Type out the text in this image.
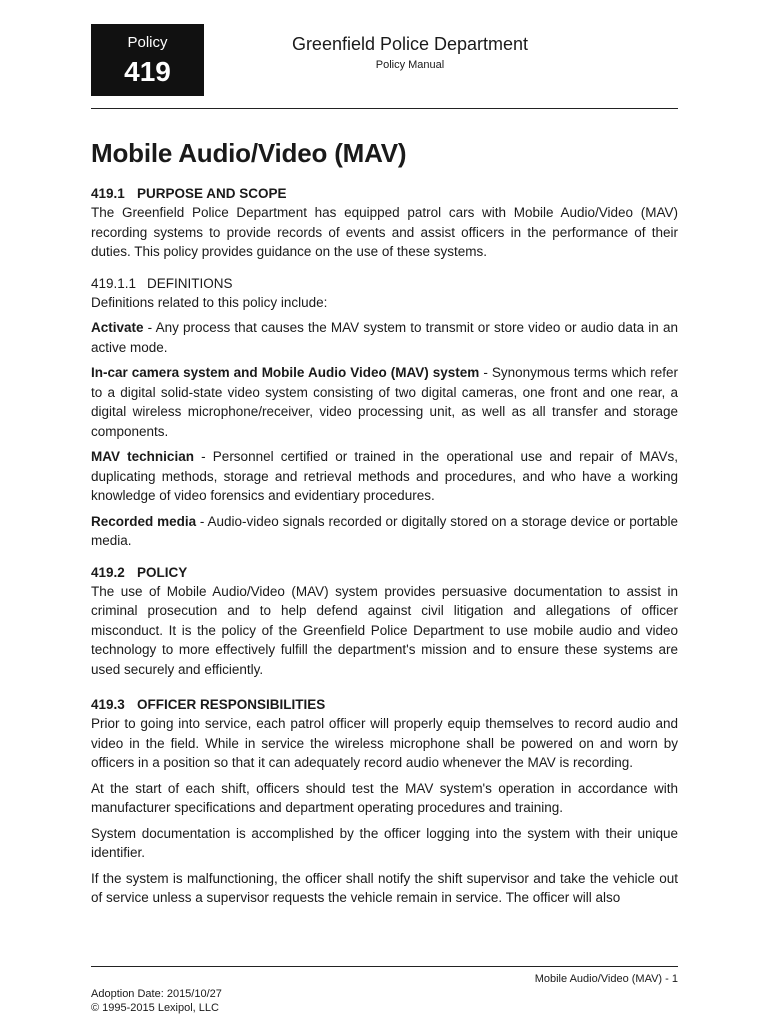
Policy
419
Greenfield Police Department
Policy Manual
Mobile Audio/Video (MAV)
419.1 PURPOSE AND SCOPE

The Greenfield Police Department has equipped patrol cars with Mobile Audio/Video (MAV) recording systems to provide records of events and assist officers in the performance of their duties. This policy provides guidance on the use of these systems.

419.1.1 DEFINITIONS

Definitions related to this policy include:

Activate - Any process that causes the MAV system to transmit or store video or audio data in an active mode.

In-car camera system and Mobile Audio Video (MAV) system - Synonymous terms which refer to a digital solid-state video system consisting of two digital cameras, one front and one rear, a digital wireless microphone/receiver, video processing unit, as well as all transfer and storage components.

MAV technician - Personnel certified or trained in the operational use and repair of MAVs, duplicating methods, storage and retrieval methods and procedures, and who have a working knowledge of video forensics and evidentiary procedures.

Recorded media - Audio-video signals recorded or digitally stored on a storage device or portable media.

419.2 POLICY

The use of Mobile Audio/Video (MAV) system provides persuasive documentation to assist in criminal prosecution and to help defend against civil litigation and allegations of officer misconduct. It is the policy of the Greenfield Police Department to use mobile audio and video technology to more effectively fulfill the department's mission and to ensure these systems are used securely and efficiently.

419.3 OFFICER RESPONSIBILITIES

Prior to going into service, each patrol officer will properly equip themselves to record audio and video in the field. While in service the wireless microphone shall be powered on and worn by officers in a position so that it can adequately record audio whenever the MAV is recording.

At the start of each shift, officers should test the MAV system's operation in accordance with manufacturer specifications and department operating procedures and training.

System documentation is accomplished by the officer logging into the system with their unique identifier.

If the system is malfunctioning, the officer shall notify the shift supervisor and take the vehicle out of service unless a supervisor requests the vehicle remain in service. The officer will also

Mobile Audio/Video (MAV) - 1
Adoption Date: 2015/10/27
© 1995-2015 Lexipol, LLC
